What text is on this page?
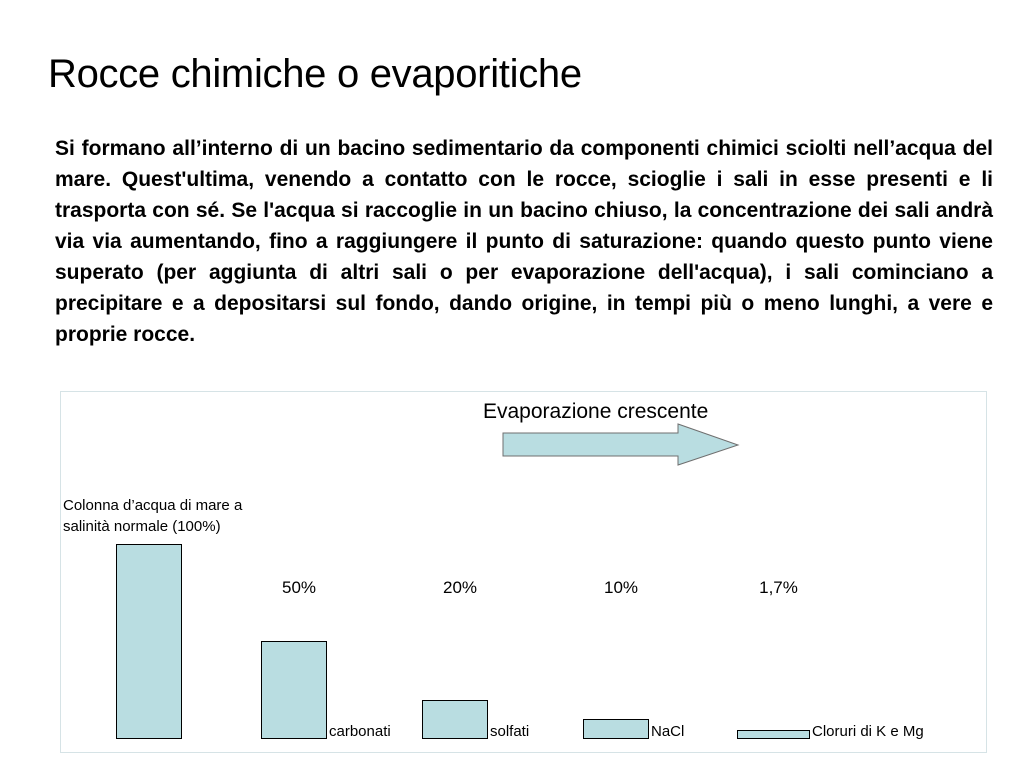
Rocce chimiche o evaporitiche

Si formano all’interno di un bacino sedimentario da componenti chimici sciolti nell’acqua del mare. Quest'ultima, venendo a contatto con le rocce, scioglie i sali in esse presenti e li trasporta con sé. Se l'acqua si raccoglie in un bacino chiuso, la concentrazione dei sali andrà via via aumentando, fino a raggiungere il punto di saturazione: quando questo punto viene superato (per aggiunta di altri sali o per evaporazione dell'acqua), i sali cominciano a precipitare e a depositarsi sul fondo, dando origine, in tempi più o meno lunghi, a vere e proprie rocce.

Evaporazione crescente
Colonna d’acqua di mare a salinità normale (100%)
50%
carbonati
20%
solfati
10%
NaCl
1,7%
Cloruri di K e Mg
